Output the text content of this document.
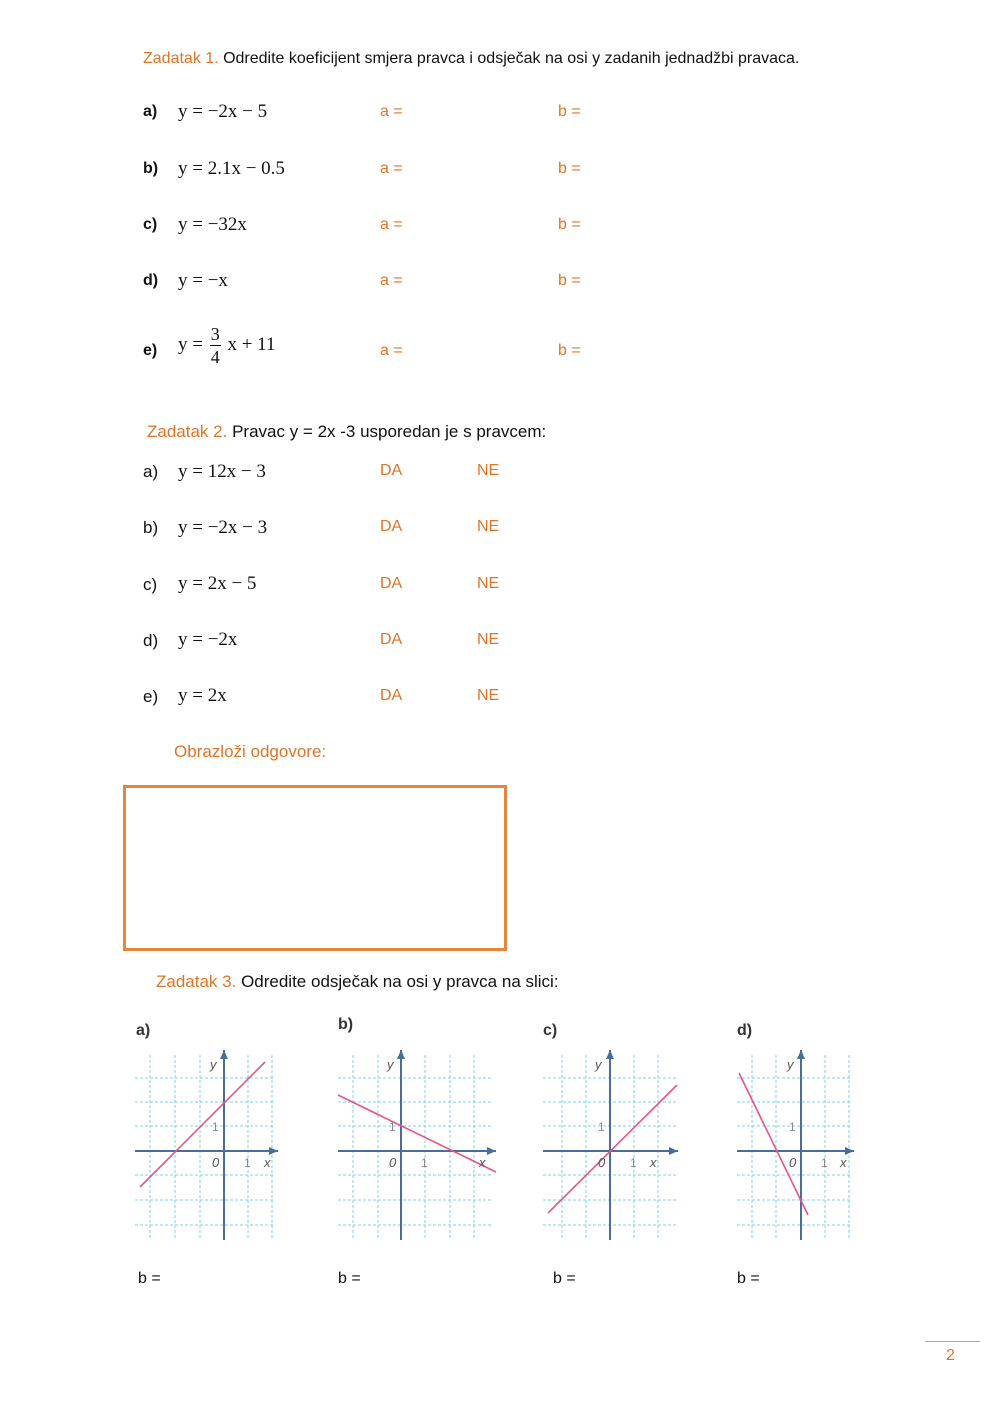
Zadatak 1. Odredite koeficijent smjera pravca i odsječak na osi y zadanih jednadžbi pravaca.
a) y = −2x − 5	a =	b =
b) y = 2.1x − 0.5	a =	b =
c) y = −32x	a =	b =
d) y = −x	a =	b =
e) $y = \frac{3}{4}$ x + 11	a =	b =
Zadatak 2. Pravac y = 2x -3 usporedan je s pravcem:
a) y = 12x − 3	DA	NE
b) y = −2x − 3	DA	NE
c) y = 2x − 5	DA	NE
d) y = −2x	DA	NE
e) y = 2x	DA	NE
Obrazloži odgovore:
Zadatak 3. Odredite odsječak na osi y pravca na slici:
a)	b)	c)	d)
y
x
0 1
1
y
x
0 1
1
y
x
0 1
1
y
x
0 1
1
b =	b =	b =	b =
2
